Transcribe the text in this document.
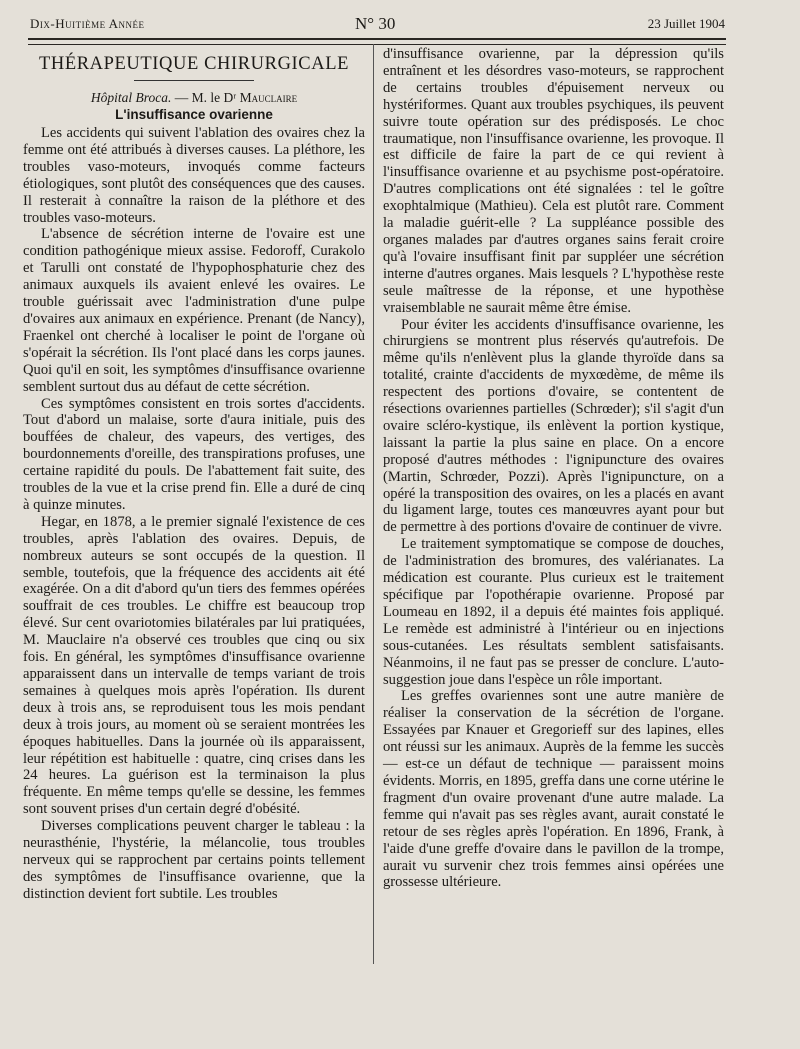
Dix-Huitième Année	N° 30	23 Juillet 1904
THÉRAPEUTIQUE CHIRURGICALE
Hôpital Broca. — M. le Dʳ Mauclaire
L'insuffisance ovarienne

Les accidents qui suivent l'ablation des ovaires chez la femme ont été attribués à diverses causes. La pléthore, les troubles vaso-moteurs, invoqués comme facteurs étiologiques, sont plutôt des conséquences que des causes. Il resterait à connaître la raison de la pléthore et des troubles vaso-moteurs.

L'absence de sécrétion interne de l'ovaire est une condition pathogénique mieux assise. Fedoroff, Curakolo et Tarulli ont constaté de l'hypophosphaturie chez des animaux auxquels ils avaient enlevé les ovaires. Le trouble guérissait avec l'administration d'une pulpe d'ovaires aux animaux en expérience. Prenant (de Nancy), Fraenkel ont cherché à localiser le point de l'organe où s'opérait la sécrétion. Ils l'ont placé dans les corps jaunes. Quoi qu'il en soit, les symptômes d'insuffisance ovarienne semblent surtout dus au défaut de cette sécrétion.

Ces symptômes consistent en trois sortes d'accidents. Tout d'abord un malaise, sorte d'aura initiale, puis des bouffées de chaleur, des vapeurs, des vertiges, des bourdonnements d'oreille, des transpirations profuses, une certaine rapidité du pouls. De l'abattement fait suite, des troubles de la vue et la crise prend fin. Elle a duré de cinq à quinze minutes.

Hegar, en 1878, a le premier signalé l'existence de ces troubles, après l'ablation des ovaires. Depuis, de nombreux auteurs se sont occupés de la question. Il semble, toutefois, que la fréquence des accidents ait été exagérée. On a dit d'abord qu'un tiers des femmes opérées souffrait de ces troubles. Le chiffre est beaucoup trop élevé. Sur cent ovariotomies bilatérales par lui pratiquées, M. Mauclaire n'a observé ces troubles que cinq ou six fois. En général, les symptômes d'insuffisance ovarienne apparaissent dans un intervalle de temps variant de trois semaines à quelques mois après l'opération. Ils durent deux à trois ans, se reproduisent tous les mois pendant deux à trois jours, au moment où se seraient montrées les époques habituelles. Dans la journée où ils apparaissent, leur répétition est habituelle : quatre, cinq crises dans les 24 heures. La guérison est la terminaison la plus fréquente. En même temps qu'elle se dessine, les femmes sont souvent prises d'un certain degré d'obésité.

Diverses complications peuvent charger le tableau : la neurasthénie, l'hystérie, la mélancolie, tous troubles nerveux qui se rapprochent par certains points tellement des symptômes de l'insuffisance ovarienne, que la distinction devient fort subtile. Les troubles

d'insuffisance ovarienne, par la dépression qu'ils entraînent et les désordres vaso-moteurs, se rapprochent de certains troubles d'épuisement nerveux ou hystériformes. Quant aux troubles psychiques, ils peuvent suivre toute opération sur des prédisposés. Le choc traumatique, non l'insuffisance ovarienne, les provoque. Il est difficile de faire la part de ce qui revient à l'insuffisance ovarienne et au psychisme post-opératoire. D'autres complications ont été signalées : tel le goître exophtalmique (Mathieu). Cela est plutôt rare. Comment la maladie guérit-elle ? La suppléance possible des organes malades par d'autres organes sains ferait croire qu'à l'ovaire insuffisant finit par suppléer une sécrétion interne d'autres organes. Mais lesquels ? L'hypothèse reste seule maîtresse de la réponse, et une hypothèse vraisemblable ne saurait même être émise.

Pour éviter les accidents d'insuffisance ovarienne, les chirurgiens se montrent plus réservés qu'autrefois. De même qu'ils n'enlèvent plus la glande thyroïde dans sa totalité, crainte d'accidents de myxœdème, de même ils respectent des portions d'ovaire, se contentent de résections ovariennes partielles (Schrœder); s'il s'agit d'un ovaire scléro-kystique, ils enlèvent la portion kystique, laissant la partie la plus saine en place. On a encore proposé d'autres méthodes : l'ignipuncture des ovaires (Martin, Schrœder, Pozzi). Après l'ignipuncture, on a opéré la transposition des ovaires, on les a placés en avant du ligament large, toutes ces manœuvres ayant pour but de permettre à des portions d'ovaire de continuer de vivre.

Le traitement symptomatique se compose de douches, de l'administration des bromures, des valérianates. La médication est courante. Plus curieux est le traitement spécifique par l'opothérapie ovarienne. Proposé par Loumeau en 1892, il a depuis été maintes fois appliqué. Le remède est administré à l'intérieur ou en injections sous-cutanées. Les résultats semblent satisfaisants. Néanmoins, il ne faut pas se presser de conclure. L'auto-suggestion joue dans l'espèce un rôle important.

Les greffes ovariennes sont une autre manière de réaliser la conservation de la sécrétion de l'organe. Essayées par Knauer et Gregorieff sur des lapines, elles ont réussi sur les animaux. Auprès de la femme les succès — est-ce un défaut de technique — paraissent moins évidents. Morris, en 1895, greffa dans une corne utérine le fragment d'un ovaire provenant d'une autre malade. La femme qui n'avait pas ses règles avant, aurait constaté le retour de ses règles après l'opération. En 1896, Frank, à l'aide d'une greffe d'ovaire dans le pavillon de la trompe, aurait vu survenir chez trois femmes ainsi opérées une grossesse ultérieure.
